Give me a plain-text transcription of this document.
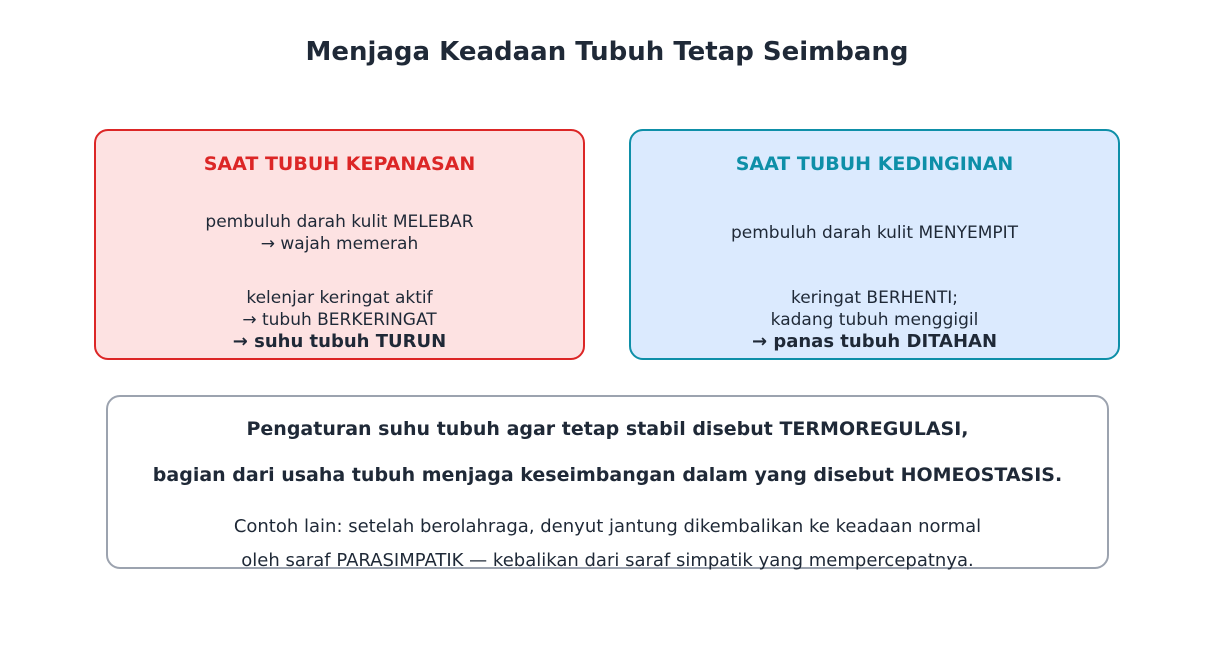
Menjaga Keadaan Tubuh Tetap Seimbang
SAAT TUBUH KEPANASAN
pembuluh darah kulit MELEBAR
→ wajah memerah
kelenjar keringat aktif
→ tubuh BERKERINGAT
→ suhu tubuh TURUN
SAAT TUBUH KEDINGINAN
pembuluh darah kulit MENYEMPIT
keringat BERHENTI;
kadang tubuh menggigil
→ panas tubuh DITAHAN
Pengaturan suhu tubuh agar tetap stabil disebut TERMOREGULASI,
bagian dari usaha tubuh menjaga keseimbangan dalam yang disebut HOMEOSTASIS.
Contoh lain: setelah berolahraga, denyut jantung dikembalikan ke keadaan normal
oleh saraf PARASIMPATIK — kebalikan dari saraf simpatik yang mempercepatnya.
